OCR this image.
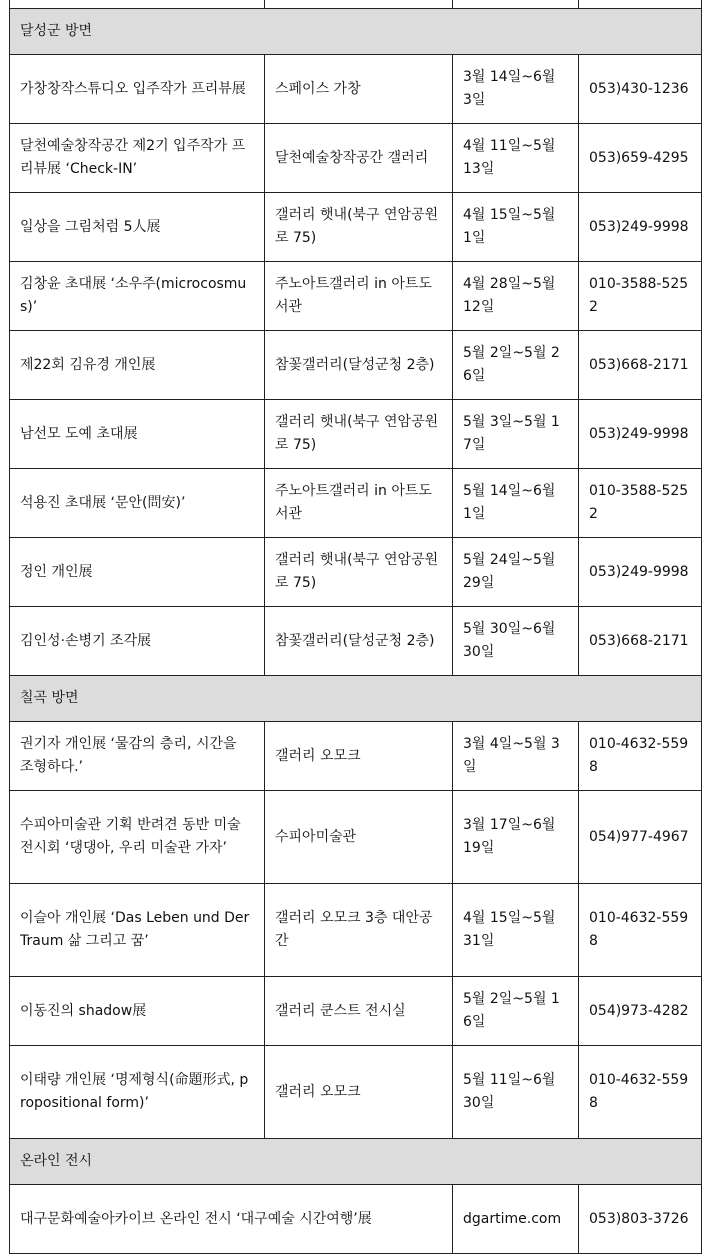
달성군 방면			
가창창작스튜디오 입주작가 프리뷰展	스페이스 가창	3월 14일~6월 3일	053)430-1236
달천예술창작공간 제2기 입주작가 프리뷰展 ‘Check-IN’	달천예술창작공간 갤러리	4월 11일~5월 13일	053)659-4295
일상을 그림처럼 5人展	갤러리 햇내(북구 연암공원로 75)	4월 15일~5월 1일	053)249-9998
김창윤 초대展 ‘소우주(microcosmus)’	주노아트갤러리 in 아트도서관	4월 28일~5월 12일	010-3588-5252
제22회 김유경 개인展	참꽃갤러리(달성군청 2층)	5월 2일~5월 26일	053)668-2171
남선모 도예 초대展	갤러리 햇내(북구 연암공원로 75)	5월 3일~5월 17일	053)249-9998
석용진 초대展 ‘문안(問安)’	주노아트갤러리 in 아트도서관	5월 14일~6월 1일	010-3588-5252
정인 개인展	갤러리 햇내(북구 연암공원로 75)	5월 24일~5월 29일	053)249-9998
김인성·손병기 조각展	참꽃갤러리(달성군청 2층)	5월 30일~6월 30일	053)668-2171
칠곡 방면			
권기자 개인展 ‘물감의 층리, 시간을 조형하다.’	갤러리 오모크	3월 4일~5월 3일	010-4632-5598
수피아미술관 기획 반려견 동반 미술 전시회 ‘댕댕아, 우리 미술관 가자’	수피아미술관	3월 17일~6월 19일	054)977-4967
이슬아 개인展 ‘Das Leben und Der Traum 삶 그리고 꿈’	갤러리 오모크 3층 대안공간	4월 15일~5월 31일	010-4632-5598
이동진의 shadow展	갤러리 쿤스트 전시실	5월 2일~5월 16일	054)973-4282
이태량 개인展 ‘명제형식(命題形式, propositional form)’	갤러리 오모크	5월 11일~6월 30일	010-4632-5598
온라인 전시			
대구문화예술아카이브 온라인 전시 ‘대구예술 시간여행’展		dgartime.com	053)803-3726
